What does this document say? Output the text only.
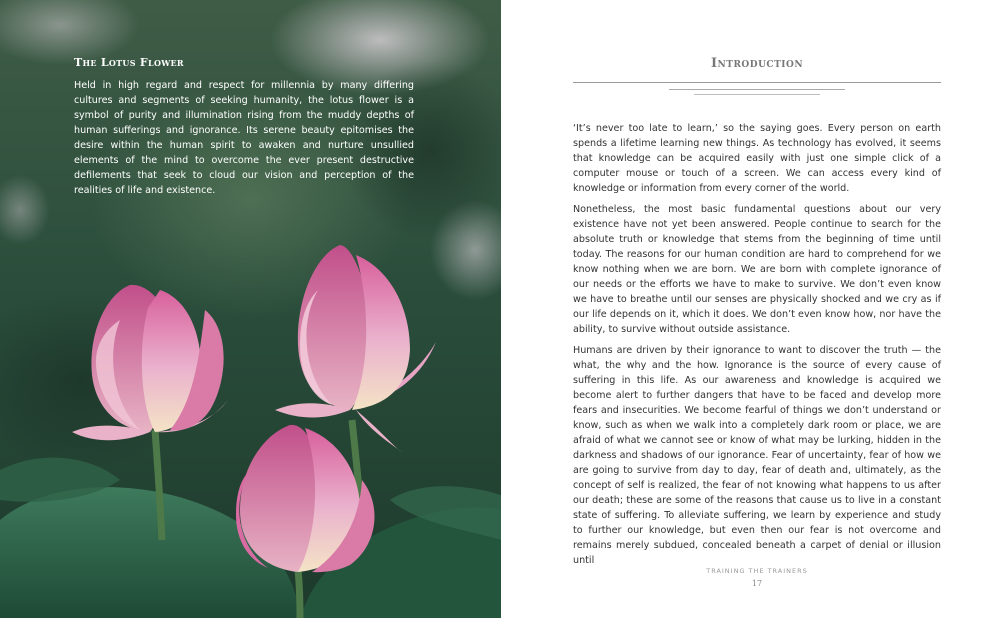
The Lotus Flower

Held in high regard and respect for millennia by many differing cultures and segments of seeking humanity, the lotus flower is a symbol of purity and illumination rising from the muddy depths of human sufferings and ignorance. Its serene beauty epitomises the desire within the human spirit to awaken and nurture unsullied elements of the mind to overcome the ever present destructive defilements that seek to cloud our vision and perception of the realities of life and existence.

Introduction

‘It’s never too late to learn,’ so the saying goes. Every person on earth spends a lifetime learning new things. As technology has evolved, it seems that knowledge can be acquired easily with just one simple click of a computer mouse or touch of a screen. We can access every kind of knowledge or information from every corner of the world.

Nonetheless, the most basic fundamental questions about our very existence have not yet been answered. People continue to search for the absolute truth or knowledge that stems from the beginning of time until today. The reasons for our human condition are hard to comprehend for we know nothing when we are born. We are born with complete ignorance of our needs or the efforts we have to make to survive. We don’t even know we have to breathe until our senses are physically shocked and we cry as if our life depends on it, which it does. We don’t even know how, nor have the ability, to survive without outside assistance.

Humans are driven by their ignorance to want to discover the truth — the what, the why and the how. Ignorance is the source of every cause of suffering in this life. As our awareness and knowledge is acquired we become alert to further dangers that have to be faced and develop more fears and insecurities. We become fearful of things we don’t understand or know, such as when we walk into a completely dark room or place, we are afraid of what we cannot see or know of what may be lurking, hidden in the darkness and shadows of our ignorance. Fear of uncertainty, fear of how we are going to survive from day to day, fear of death and, ultimately, as the concept of self is realized, the fear of not knowing what happens to us after our death; these are some of the reasons that cause us to live in a constant state of suffering. To alleviate suffering, we learn by experience and study to further our knowledge, but even then our fear is not overcome and remains merely subdued, concealed beneath a carpet of denial or illusion until

TRAINING THE TRAINERS
17
